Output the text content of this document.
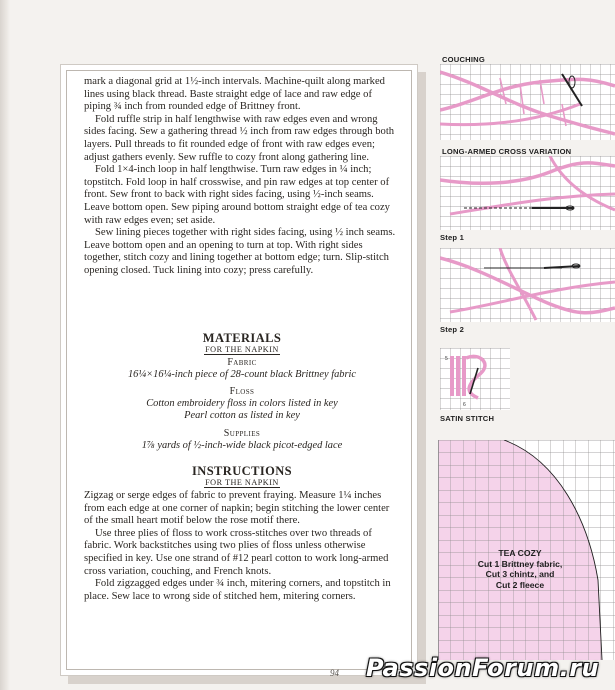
mark a diagonal grid at 1½-inch intervals. Machine-quilt along marked lines using black thread. Baste straight edge of lace and raw edge of piping ¾ inch from rounded edge of Brittney front.

Fold ruffle strip in half lengthwise with raw edges even and wrong sides facing. Sew a gathering thread ½ inch from raw edges through both layers. Pull threads to fit rounded edge of front with raw edges even; adjust gathers evenly. Sew ruffle to cozy front along gathering line.

Fold 1×4-inch loop in half lengthwise. Turn raw edges in ¼ inch; topstitch. Fold loop in half crosswise, and pin raw edges at top center of front. Sew front to back with right sides facing, using ½-inch seams. Leave bottom open. Sew piping around bottom straight edge of tea cozy with raw edges even; set aside.

Sew lining pieces together with right sides facing, using ½ inch seams. Leave bottom open and an opening to turn at top. With right sides together, stitch cozy and lining together at bottom edge; turn. Slip-stitch opening closed. Tuck lining into cozy; press carefully.

MATERIALS
FOR THE NAPKIN
Fabric
16¼×16¼-inch piece of 28-count black Brittney fabric
Floss
Cotton embroidery floss in colors listed in key
Pearl cotton as listed in key
Supplies
1⅞ yards of ½-inch-wide black picot-edged lace
INSTRUCTIONS
FOR THE NAPKIN

Zigzag or serge edges of fabric to prevent fraying. Measure 1¼ inches from each edge at one corner of napkin; begin stitching the lower center of the small heart motif below the rose motif there.

Use three plies of floss to work cross-stitches over two threads of fabric. Work backstitches using two plies of floss unless otherwise specified in key. Use one strand of #12 pearl cotton to work long-armed cross variation, couching, and French knots.

Fold zigzagged edges under ¾ inch, mitering corners, and topstitch in place. Sew lace to wrong side of stitched hem, mitering corners.

COUCHING
LONG-ARMED CROSS VARIATION
Step 1
Step 2
5
6
SATIN STITCH
TEA COZY
Cut 1 Brittney fabric,
Cut 3 chintz, and
Cut 2 fleece
94 PassionForum.ru
